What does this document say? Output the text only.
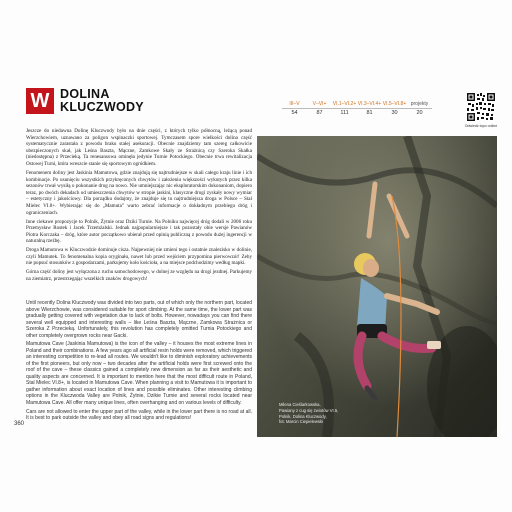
W DOLINA
KLUCZWODY	III–V	V–VI+	VI.1–VI.2+ VI.3–VI.4+ VI.5–VI.8+ projekty
54	87	111	81	30	20
Odwiedź topo online

Jeszcze do niedawna Dolinę Kluczwody było na dnie części, z których tylko północną, leżącą ponad Wierzchowiem, uznawano za poligon wspinaczki sportowej. Tymczasem spore wielkości dolina część systematycznie zarastała z powodu braku stałej asekuracji. Obecnie znajdziemy tam szereg całkowicie ubezpieczonych skał, jak Leśna Baszta, Mączne, Zamkowe Skały ze Strażnicą czy Szeroka Skałka (niedostępna) z Przecieką. Ta renesansowa ominęła jedynie Turnie Potockiego. Obecnie trwa rewitalizacja Ostowej Turni, która wreszcie stanie się sportowym ogródkiem.

Fenomenem doliny jest Jaskinia Mamutowa, gdzie znajdują się najtrudniejsze w skali całego kraju linie i ich kombinacje. Po usunięciu wszystkich przykręconych chwytów i założeniu większości wykutych przez kilka sezonów trwał wysiłą o pokonanie drog na nowo. Nie umniejszając nic eksploratorskim dokonaniom, dopiero teraz, po dwóch dekadach od umieszczenia chwytów w stropie jaskini, klasyczne drogi zyskały nowy wymiar – estetyczny i jakościowy. Dla porządku dodajmy, że znajduje się tu najtrudniejsza droga w Polsce – Stal Mielec VI.8+. Wybierając się do „Mamuta” warto zebrać informacje o dokładnym przebiegu dróg i ograniczeniach.

Inne ciekawe propozycje to Polnik, Żytnie oraz Dziki Turnie. Na Polniku najwięcej dróg dodali w 2006 roku Przemysław Rostek i Jacek Trzemżalski. Jednak najpopularniejsze i tak pozostały obie wersje Pawianów Piotra Korczaka – dróg, które autor początkowo ubierał przed opinią publiczną z powodu dużej ingerencji w naturalną rzeźbę.

Droga Mamutowa w Kluczwodzie dominuje cisza. Najpewniej nie zmieni tego i ostatnie znalezisko w dolinie, czyli Mamutek. To fenomenalna kopia oryginału, nawet lub przed wejściem przypomina pierwowzór! Zeby nie popsuć stosunków z gospodarzami, parkujemy koło kościoła, a na miejsce podchodzimy według mapki.

Górna część doliny jest wyłączona z ruchu samochodowego, w dolnej ze względu na drogi jezdnej. Parkujemy na ziemiatrz, przestrzegając wszelkich znaków drogowych!

Until recently Dolina Kluczwody was divided into two parts, out of which only the northern part, located above Wierzchowie, was considered suitable for sport climbing. At the same time, the lower part was gradually getting covered with vegetation due to lack of bolts. However, nowadays you can find there several well equipped and interesting walls – like Leśna Baszta, Mączne, Zamkowa Strażnica or Szeroka Z Przecieką. Unfortunately, this revolution has completely omitted Turnia Potockiego and other completely overgrown rocks near Gacki.

Mamutowa Cave (Jaskinia Mamutowa) is the icon of the valley – it houses the most extreme lines in Poland and their combinations. A few years ago all artificial resin holds were removed, which triggered an interesting competition to re-lead all routes. We wouldn't like to diminish exploratory achievements of the first pioneers, but only now – two decades after the artificial holds were first screwed onto the roof of the cave – these classics gained a completely new dimension as far as their aesthetic and quality aspects are concerned. It is important to mention here that the most difficult route in Poland, Stal Mielec VI.8+, is located in Mamutowa Cave. When planning a visit to Mamutowa it is important to gather information about exact location of lines and possible eliminates. Other interesting climbing options in the Kluczwoda Valley are Polnik, Żytnie, Dzikie Turnie and several rocks located near Mamutowa Cave. All offer many unique lines, often overhanging and on various levels of difficulty.

Cars are not allowed to enter the upper part of the valley, while in the lower part there is no road at all. It is best to park outside the valley and obey all road signs and regulations!

Milena Cieślarkowska,
Pawiany z cug się zwiotów VI.5,
Polnik, Dolina Kluczwody,
fot. Marcin Ciepielewski
360
